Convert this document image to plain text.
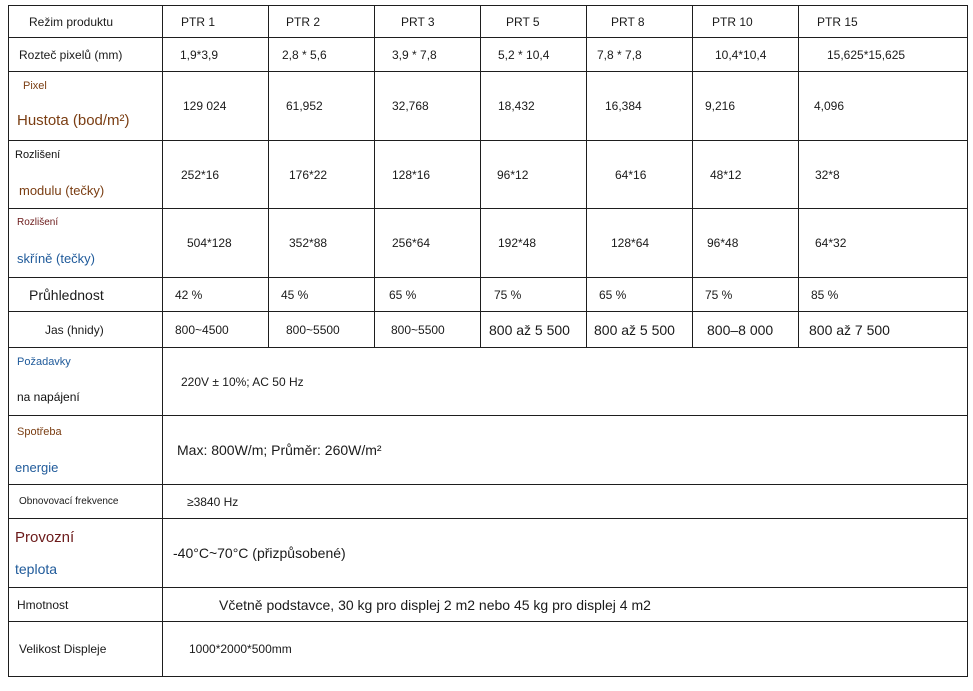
Režim produktu	PTR 1	PTR 2	PRT 3	PRT 5	PRT 8	PTR 10	PTR 15
Rozteč pixelů (mm)	1,9*3,9	2,8 * 5,6	3,9 * 7,8	5,2 * 10,4	7,8 * 7,8	10,4*10,4	15,625*15,625

Pixel
Hustota (bod/m²)	129 024	61,952	32,768	18,432	16,384	9,216	4,096

Rozlišení
modulu (tečky)	252*16	176*22	128*16	96*12	64*16	48*12	32*8

Rozlišení
skříně (tečky)	504*128	352*88	256*64	192*48	128*64	96*48	64*32
Průhlednost	42 %	45 %	65 %	75 %	65 %	75 %	85 %
Jas (hnidy)	800~4500	800~5500	800~5500	800 až 5 500	800 až 5 500	800–8 000	800 až 7 500

Požadavky
na napájení	220V ± 10%; AC 50 Hz						

Spotřeba
energie	Max: 800W/m; Průměr: 260W/m²						
Obnovovací frekvence	≥3840 Hz						

Provozní
teplota	-40°C~70°C (přizpůsobené)						
Hmotnost	Včetně podstavce, 30 kg pro displej 2 m2 nebo 45 kg pro displej 4 m2						
Velikost Displeje	1000*2000*500mm						
